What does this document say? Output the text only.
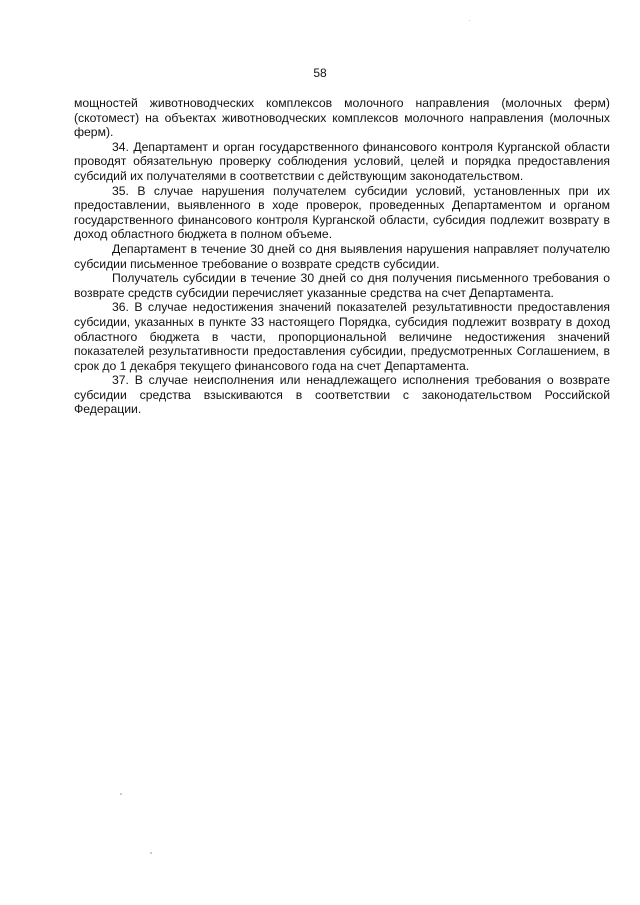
58

мощностей животноводческих комплексов молочного направления (молочных ферм) (скотомест) на объектах животноводческих комплексов молочного направления (молочных ферм).

34. Департамент и орган государственного финансового контроля Курганской области проводят обязательную проверку соблюдения условий, целей и порядка предоставления субсидий их получателями в соответствии с действующим законодательством.

35. В случае нарушения получателем субсидии условий, установленных при их предоставлении, выявленного в ходе проверок, проведенных Департаментом и органом государственного финансового контроля Курганской области, субсидия подлежит возврату в доход областного бюджета в полном объеме.

Департамент в течение 30 дней со дня выявления нарушения направляет получателю субсидии письменное требование о возврате средств субсидии.

Получатель субсидии в течение 30 дней со дня получения письменного требования о возврате средств субсидии перечисляет указанные средства на счет Департамента.

36. В случае недостижения значений показателей результативности предоставления субсидии, указанных в пункте 33 настоящего Порядка, субсидия подлежит возврату в доход областного бюджета в части, пропорциональной величине недостижения значений показателей результативности предоставления субсидии, предусмотренных Соглашением, в срок до 1 декабря текущего финансового года на счет Департамента.

37. В случае неисполнения или ненадлежащего исполнения требования о возврате субсидии средства взыскиваются в соответствии с законодательством Российской Федерации.
